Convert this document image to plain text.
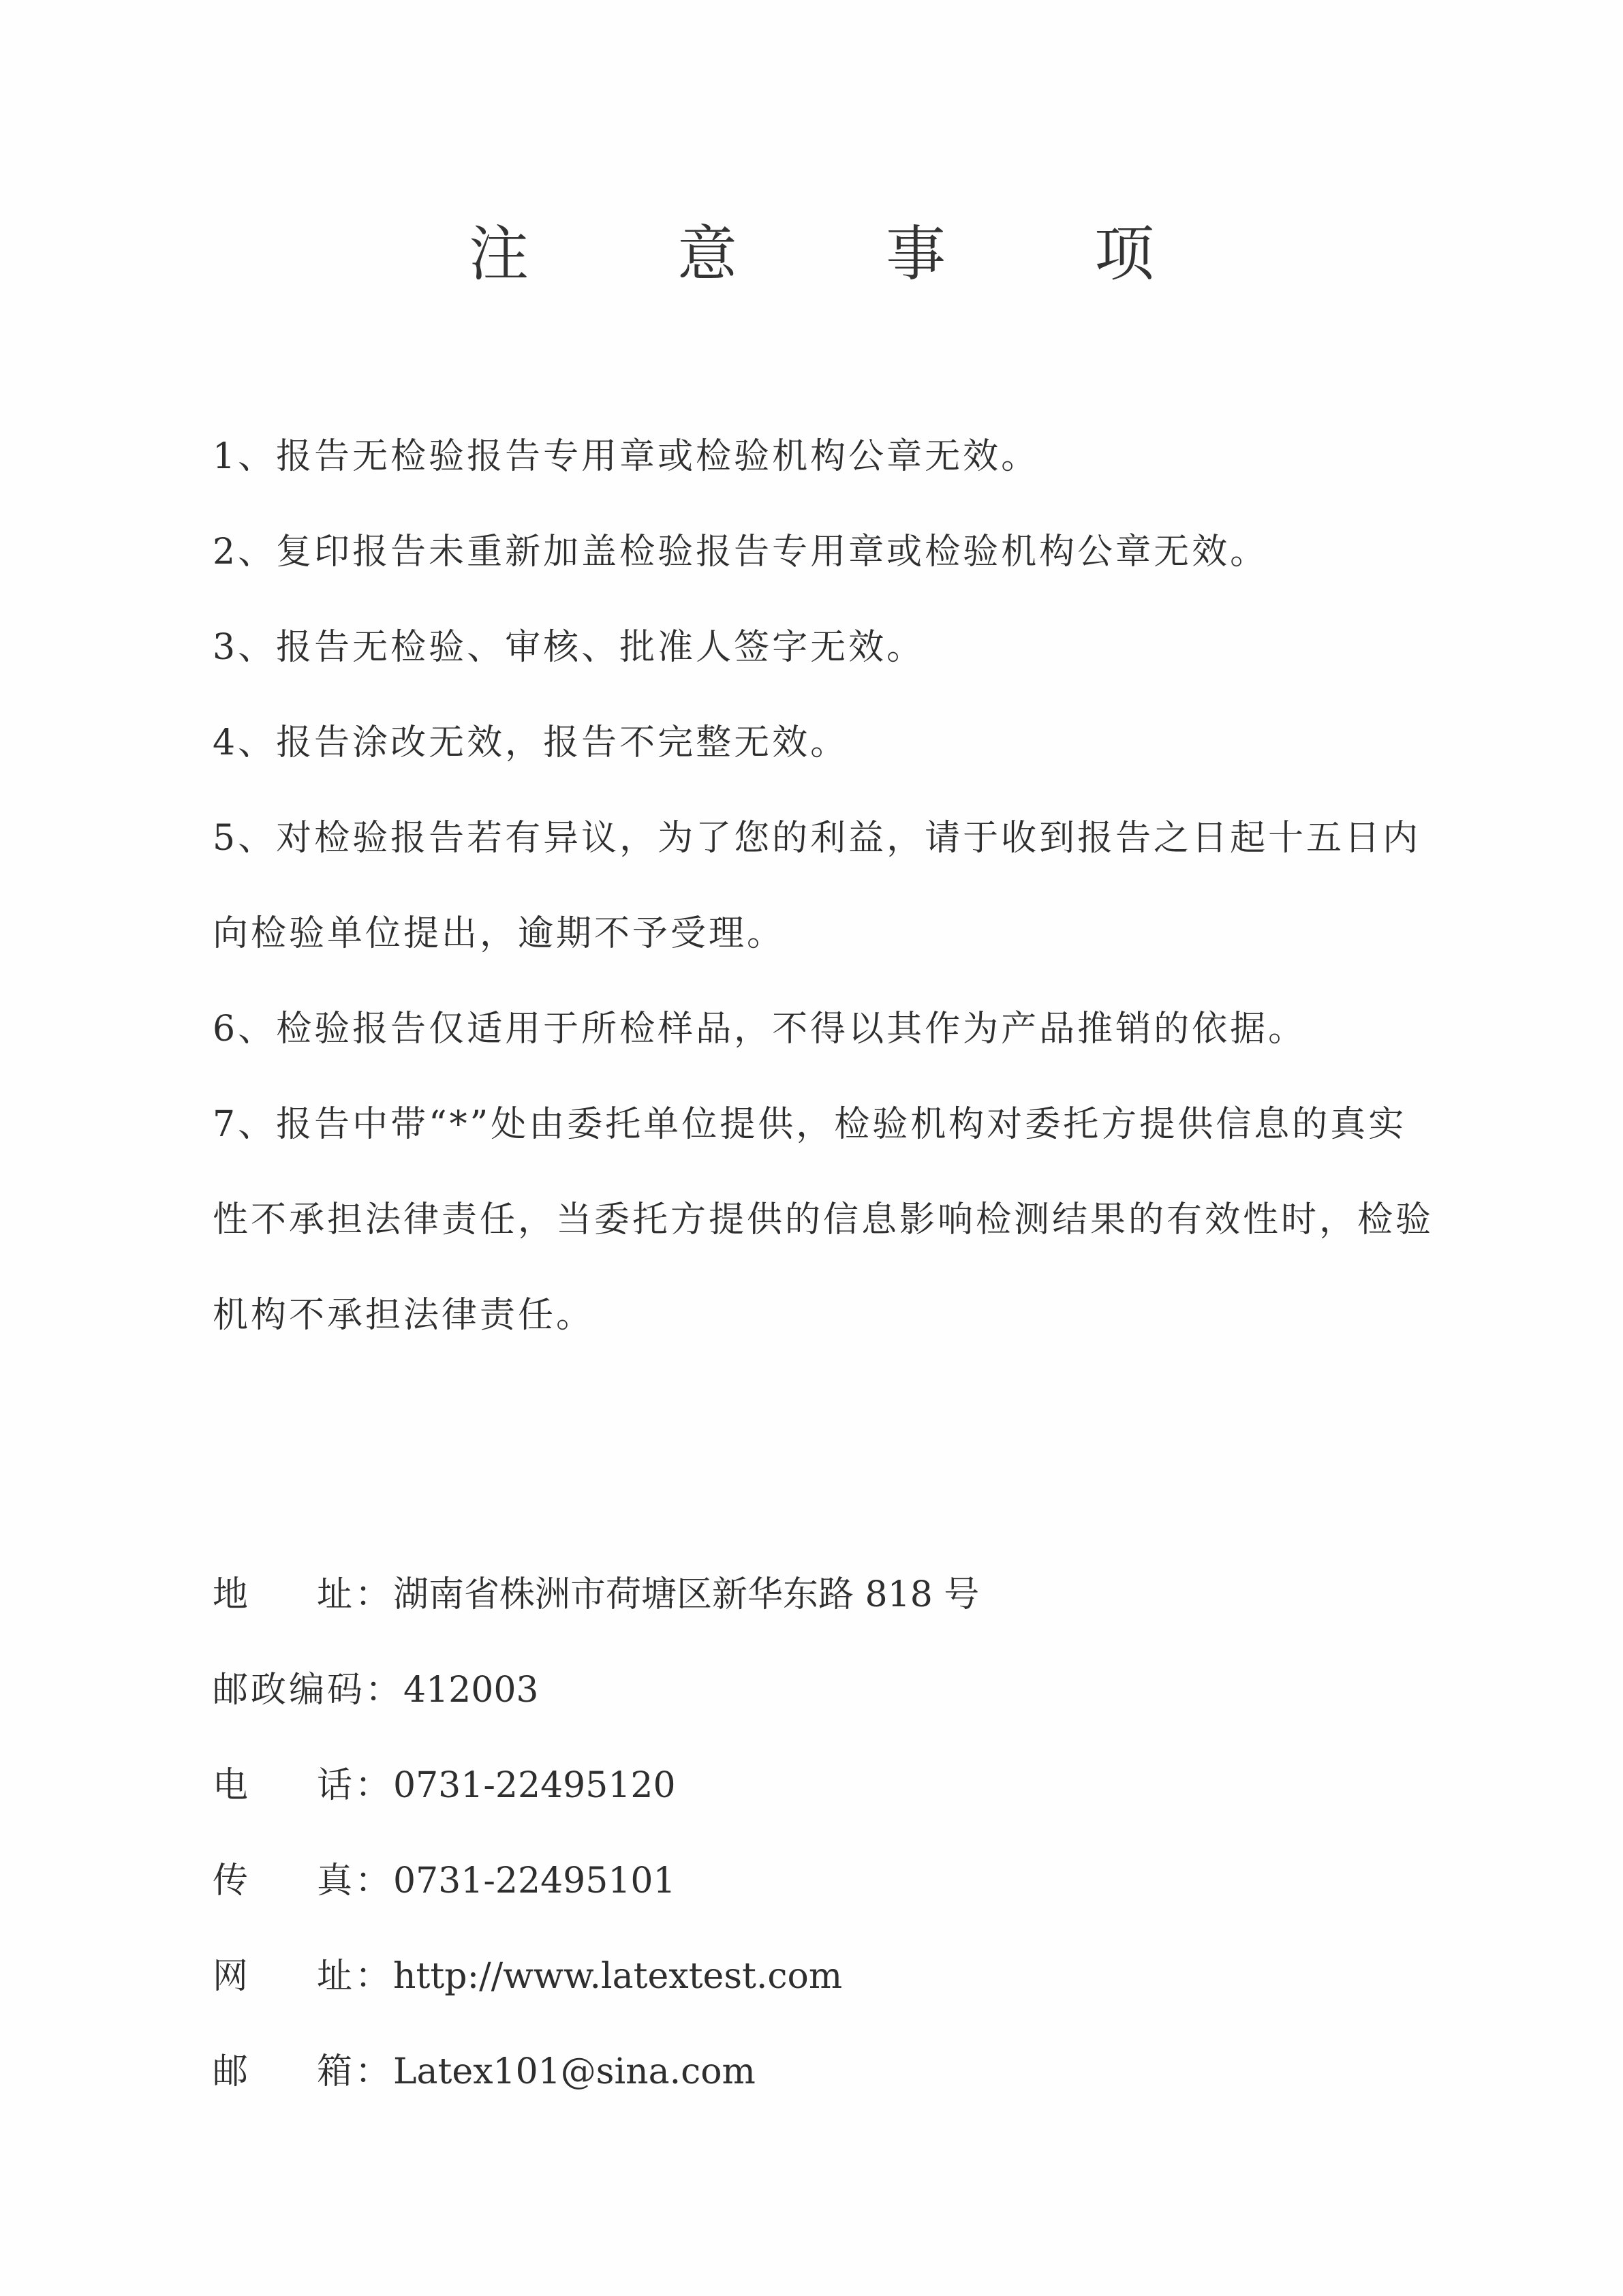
注 意 事 项
1、报告无检验报告专用章或检验机构公章无效。
2、复印报告未重新加盖检验报告专用章或检验机构公章无效。
3、报告无检验、审核、批准人签字无效。
4、报告涂改无效，报告不完整无效。
5、对检验报告若有异议，为了您的利益，请于收到报告之日起十五日内
向检验单位提出，逾期不予受理。
6、检验报告仅适用于所检样品，不得以其作为产品推销的依据。
7、报告中带“*”处由委托单位提供，检验机构对委托方提供信息的真实
性不承担法律责任，当委托方提供的信息影响检测结果的有效性时，检验
机构不承担法律责任。
地 址： 湖南省株洲市荷塘区新华东路 818 号
邮政编码：412003
电 话： 0731-22495120
传 真： 0731-22495101
网 址： http://www.latextest.com
邮 箱： Latex101@sina.com
